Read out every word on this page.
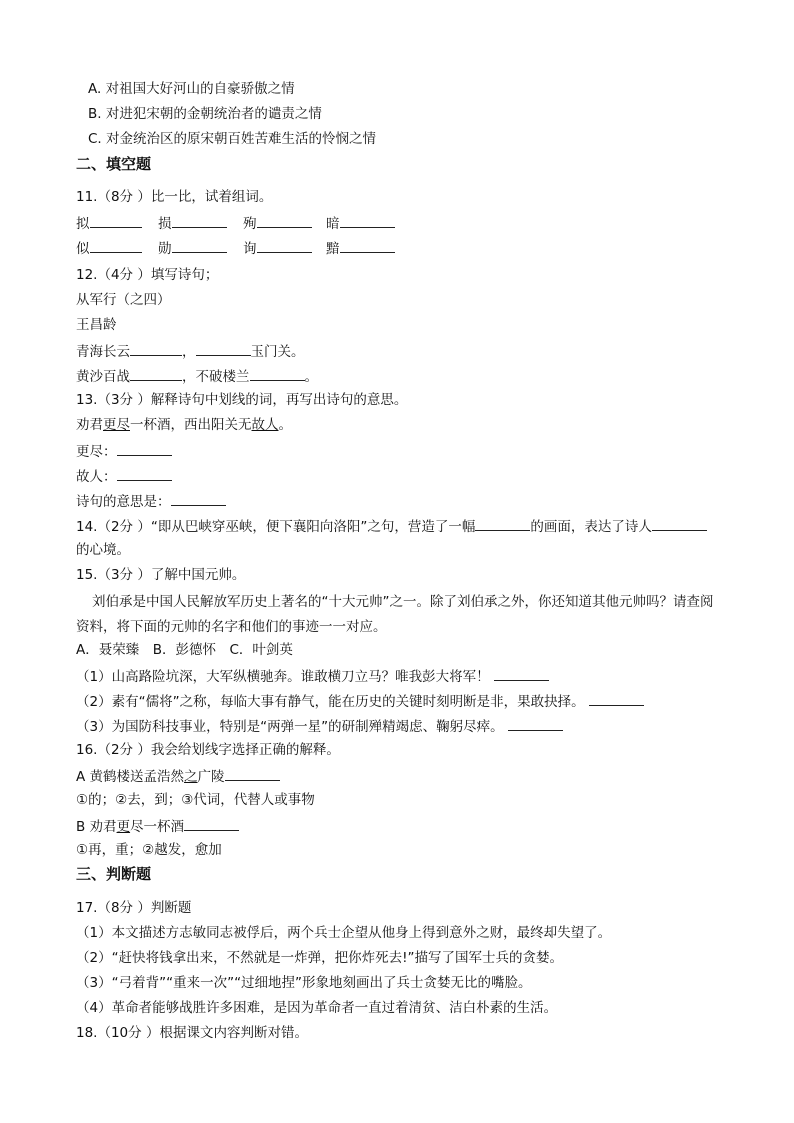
A. 对祖国大好河山的自豪骄傲之情
B. 对进犯宋朝的金朝统治者的谴责之情
C. 对金统治区的原宋朝百姓苦难生活的怜悯之情
二、填空题
11.（8分 ）比一比，试着组词。
拟	损	殉	暗
似	勋	询	黯
12.（4分 ）填写诗句；
从军行（之四）
王昌龄
青海长云	，	玉门关。
黄沙百战	，不破楼兰	。
13.（3分 ）解释诗句中划线的词，再写出诗句的意思。
劝君更尽一杯酒，西出阳关无故人。
更尽：
故人：
诗句的意思是：
14.（2分 ）“即从巴峡穿巫峡，便下襄阳向洛阳”之句，营造了一幅	的画面，表达了诗人
的心境。
15.（3分 ）了解中国元帅。
刘伯承是中国人民解放军历史上著名的“十大元帅”之一。除了刘伯承之外，你还知道其他元帅吗？请查阅资料，将下面的元帅的名字和他们的事迹一一对应。
A．聂荣臻　B．彭德怀　C．叶剑英
（1）山高路险坑深，大军纵横驰奔。谁敢横刀立马？唯我彭大将军！
（2）素有“儒将”之称，每临大事有静气，能在历史的关键时刻明断是非，果敢抉择。
（3）为国防科技事业，特别是“两弹一星”的研制殚精竭虑、鞠躬尽瘁。
16.（2分 ）我会给划线字选择正确的解释。
A 黄鹤楼送孟浩然之广陵
①的；②去，到；③代词，代替人或事物
B 劝君更尽一杯酒
①再，重；②越发，愈加
三、判断题
17.（8分 ）判断题
（1）本文描述方志敏同志被俘后，两个兵士企望从他身上得到意外之财，最终却失望了。
（2）“赶快将钱拿出来，不然就是一炸弹，把你炸死去!”描写了国军士兵的贪婪。
（3）“弓着背”“重来一次”“过细地捏”形象地刻画出了兵士贪婪无比的嘴脸。
（4）革命者能够战胜许多困难，是因为革命者一直过着清贫、洁白朴素的生活。
18.（10分 ）根据课文内容判断对错。
